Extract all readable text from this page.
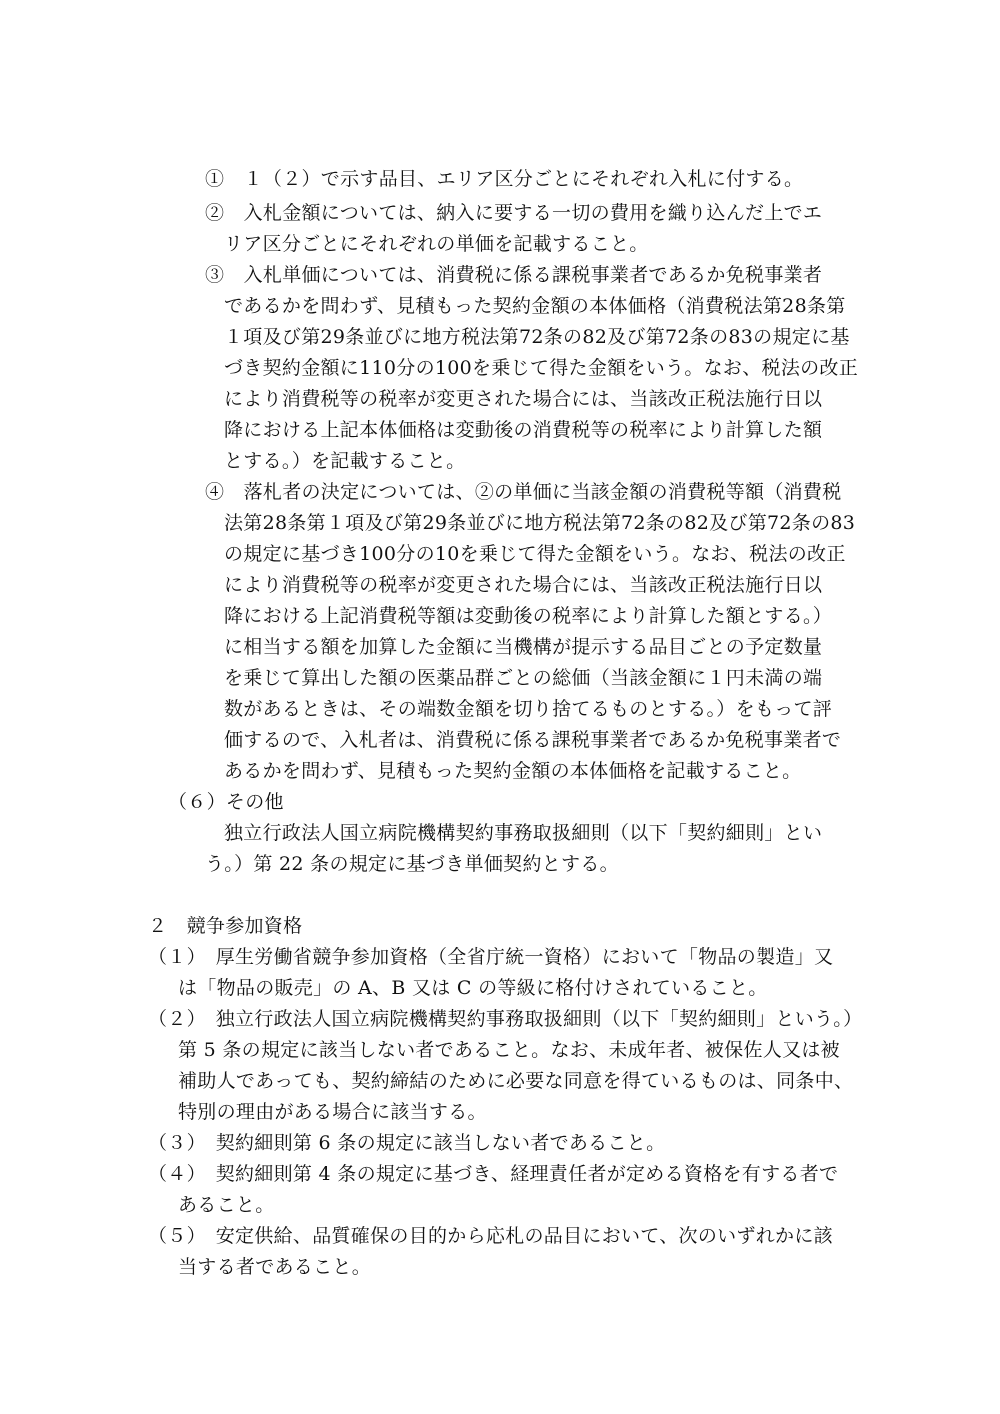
①　１（２）で示す品目、エリア区分ごとにそれぞれ入札に付する。
②　入札金額については、納入に要する一切の費用を織り込んだ上でエ
リア区分ごとにそれぞれの単価を記載すること。
③　入札単価については、消費税に係る課税事業者であるか免税事業者
であるかを問わず、見積もった契約金額の本体価格（消費税法第28条第
１項及び第29条並びに地方税法第72条の82及び第72条の83の規定に基
づき契約金額に110分の100を乗じて得た金額をいう。なお、税法の改正
により消費税等の税率が変更された場合には、当該改正税法施行日以
降における上記本体価格は変動後の消費税等の税率により計算した額
とする。）を記載すること。
④　落札者の決定については、②の単価に当該金額の消費税等額（消費税
法第28条第１項及び第29条並びに地方税法第72条の82及び第72条の83
の規定に基づき100分の10を乗じて得た金額をいう。なお、税法の改正
により消費税等の税率が変更された場合には、当該改正税法施行日以
降における上記消費税等額は変動後の税率により計算した額とする。）
に相当する額を加算した金額に当機構が提示する品目ごとの予定数量
を乗じて算出した額の医薬品群ごとの総価（当該金額に１円未満の端
数があるときは、その端数金額を切り捨てるものとする。）をもって評
価するので、入札者は、消費税に係る課税事業者であるか免税事業者で
あるかを問わず、見積もった契約金額の本体価格を記載すること。
（６）その他
独立行政法人国立病院機構契約事務取扱細則（以下「契約細則」とい
う。）第 22 条の規定に基づき単価契約とする。
２　競争参加資格
（１）　厚生労働省競争参加資格（全省庁統一資格）において「物品の製造」又
は「物品の販売」の A、B 又は C の等級に格付けされていること。
（２）　独立行政法人国立病院機構契約事務取扱細則（以下「契約細則」という。）
第 5 条の規定に該当しない者であること。なお、未成年者、被保佐人又は被
補助人であっても、契約締結のために必要な同意を得ているものは、同条中、
特別の理由がある場合に該当する。
（３）　契約細則第 6 条の規定に該当しない者であること。
（４）　契約細則第 4 条の規定に基づき、経理責任者が定める資格を有する者で
あること。
（５）　安定供給、品質確保の目的から応札の品目において、次のいずれかに該
当する者であること。
